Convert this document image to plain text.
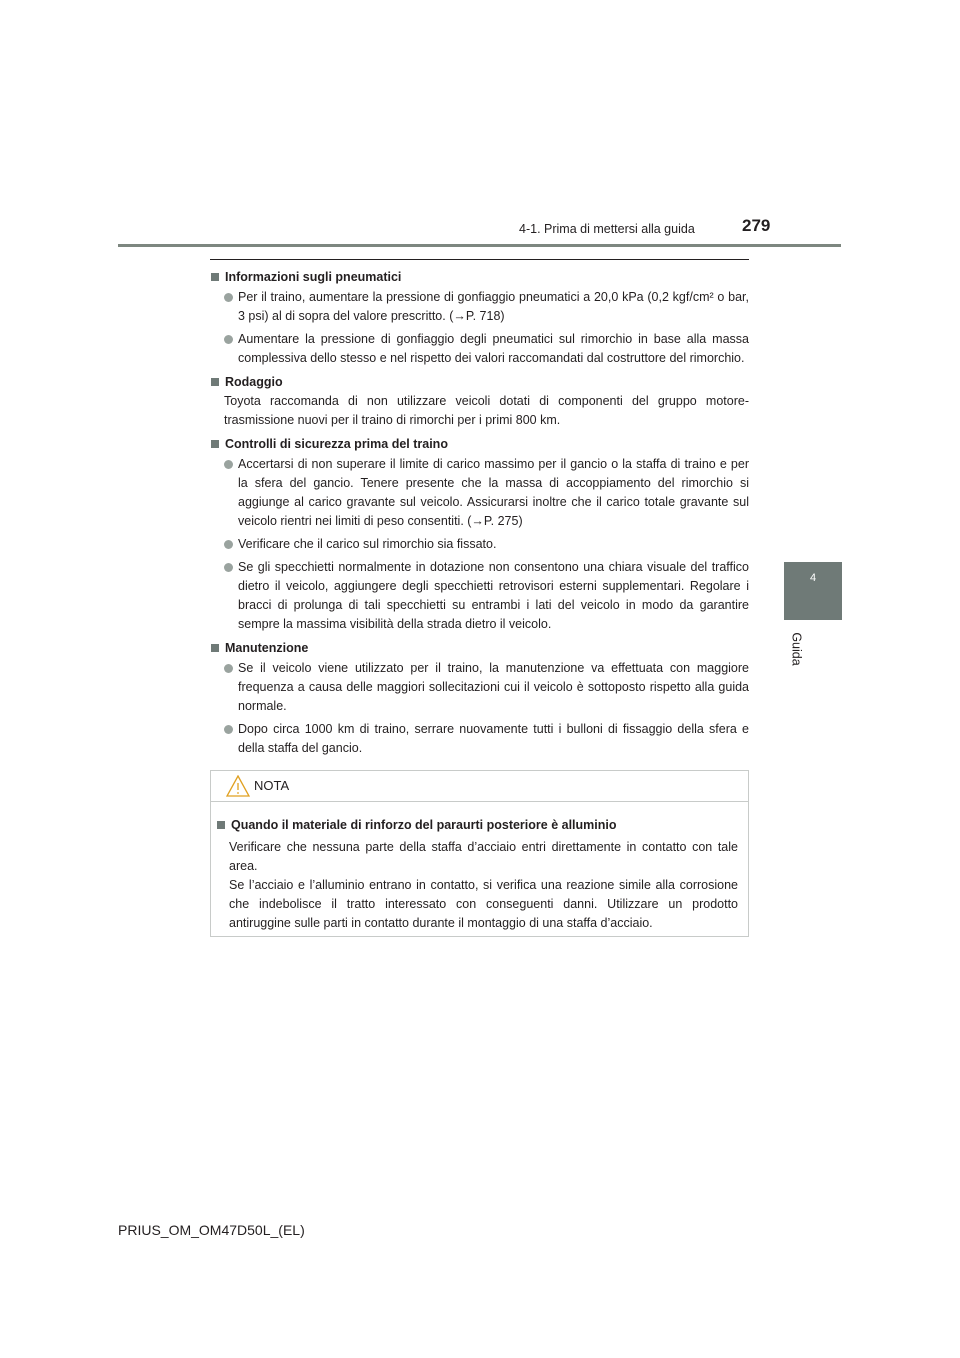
4-1. Prima di mettersi alla guida	279
4
Guida
Informazioni sugli pneumatici
Per il traino, aumentare la pressione di gonfiaggio pneumatici a 20,0 kPa (0,2 kgf/cm² o bar, 3 psi) al di sopra del valore prescritto. (→P. 718)
Aumentare la pressione di gonfiaggio degli pneumatici sul rimorchio in base alla massa complessiva dello stesso e nel rispetto dei valori raccomandati dal costruttore del rimorchio.
Rodaggio
Toyota raccomanda di non utilizzare veicoli dotati di componenti del gruppo motore-trasmissione nuovi per il traino di rimorchi per i primi 800 km.
Controlli di sicurezza prima del traino
Accertarsi di non superare il limite di carico massimo per il gancio o la staffa di traino e per la sfera del gancio. Tenere presente che la massa di accoppiamento del rimorchio si aggiunge al carico gravante sul veicolo. Assicurarsi inoltre che il carico totale gravante sul veicolo rientri nei limiti di peso consentiti. (→P. 275)
Verificare che il carico sul rimorchio sia fissato.
Se gli specchietti normalmente in dotazione non consentono una chiara visuale del traffico dietro il veicolo, aggiungere degli specchietti retrovisori esterni supplementari. Regolare i bracci di prolunga di tali specchietti su entrambi i lati del veicolo in modo da garantire sempre la massima visibilità della strada dietro il veicolo.
Manutenzione
Se il veicolo viene utilizzato per il traino, la manutenzione va effettuata con maggiore frequenza a causa delle maggiori sollecitazioni cui il veicolo è sottoposto rispetto alla guida normale.
Dopo circa 1000 km di traino, serrare nuovamente tutti i bulloni di fissaggio della sfera e della staffa del gancio.
NOTA
Quando il materiale di rinforzo del paraurti posteriore è alluminio
Verificare che nessuna parte della staffa d’acciaio entri direttamente in contatto con tale area.
Se l’acciaio e l’alluminio entrano in contatto, si verifica una reazione simile alla corrosione che indebolisce il tratto interessato con conseguenti danni. Utilizzare un prodotto antiruggine sulle parti in contatto durante il montaggio di una staffa d’acciaio.
PRIUS_OM_OM47D50L_(EL)
